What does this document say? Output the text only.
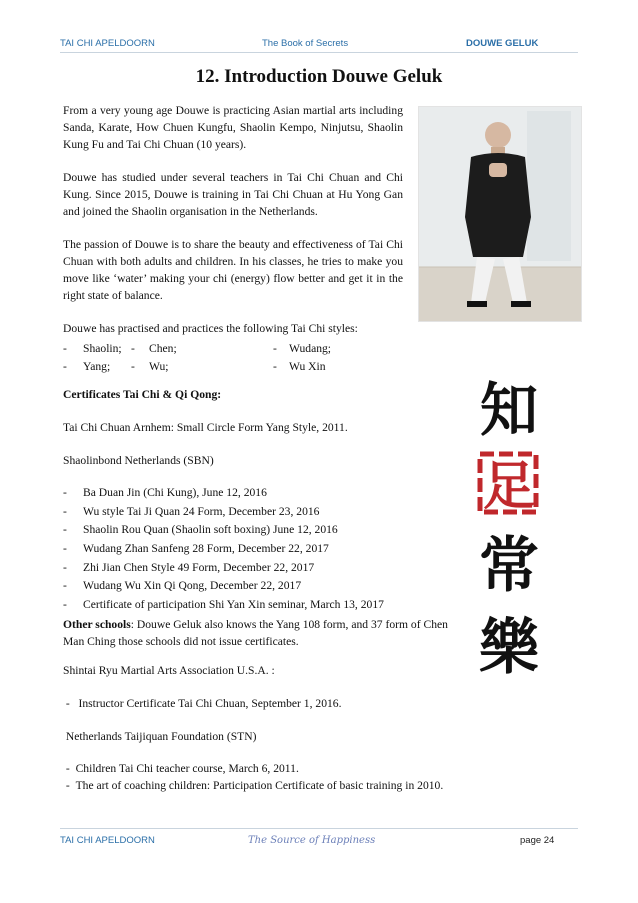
TAI CHI APELDOORN	The Book of Secrets	DOUWE GELUK
12. Introduction Douwe Geluk

From a very young age Douwe is practicing Asian martial arts including Sanda, Karate, How Chuen Kungfu, Shaolin Kempo, Ninjutsu, Shaolin Kung Fu and Tai Chi Chuan (10 years).

Douwe has studied under several teachers in Tai Chi Chuan and Chi Kung. Since 2015, Douwe is training in Tai Chi Chuan at Hu Yong Gan and joined the Shaolin organisation in the Netherlands.

The passion of Douwe is to share the beauty and effectiveness of Tai Chi Chuan with both adults and children. In his classes, he tries to make you move like ‘water’ making your chi (energy) flow better and get it in the right state of balance.

Douwe has practised and practices the following Tai Chi styles:

- Shaolin; - Chen;	- Wudang;
- Yang; - Wu;	- Wu Xin
Certificates Tai Chi & Qi Qong:
Tai Chi Chuan Arnhem: Small Circle Form Yang Style, 2011.
Shaolinbond Netherlands (SBN)
- Ba Duan Jin (Chi Kung), June 12, 2016
- Wu style Tai Ji Quan 24 Form, December 23, 2016
- Shaolin Rou Quan (Shaolin soft boxing) June 12, 2016
- Wudang Zhan Sanfeng 28 Form, December 22, 2017
- Zhi Jian Chen Style 49 Form, December 22, 2017
- Wudang Wu Xin Qi Qong, December 22, 2017
- Certificate of participation Shi Yan Xin seminar, March 13, 2017
Other schools: Douwe Geluk also knows the Yang 108 form, and 37 form of Chen Man Ching those schools did not issue certificates.
Shintai Ryu Martial Arts Association U.S.A. :
- Instructor Certificate Tai Chi Chuan, September 1, 2016.
Netherlands Taijiquan Foundation (STN)
- Children Tai Chi teacher course, March 6, 2011.
- The art of coaching children: Participation Certificate of basic training in 2010.
知
足
常
樂
TAI CHI APELDOORN	The Source of Happiness	page 24
